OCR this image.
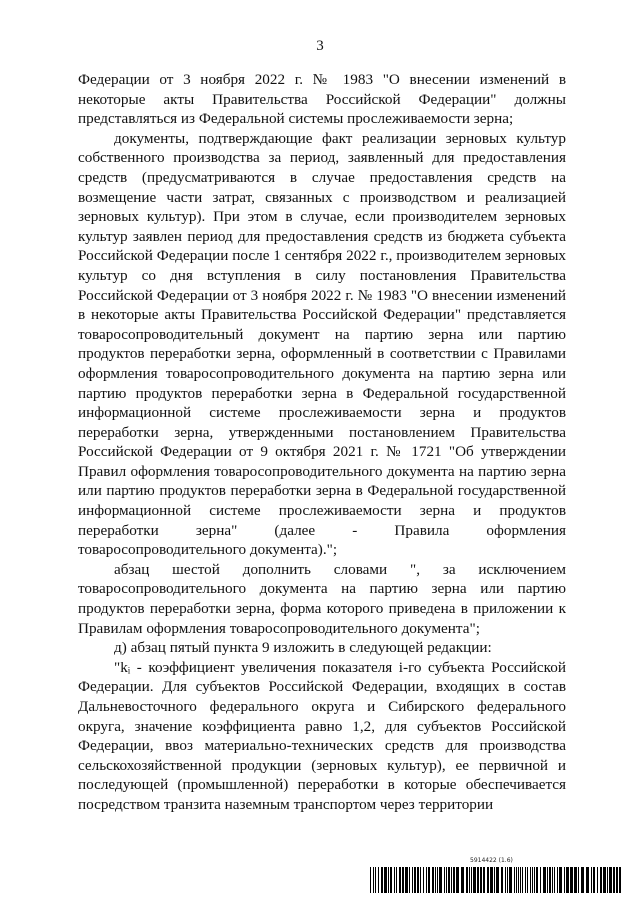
3

Федерации от 3 ноября 2022 г. № 1983 "О внесении изменений в некоторые акты Правительства Российской Федерации" должны представляться из Федеральной системы прослеживаемости зерна;

документы, подтверждающие факт реализации зерновых культур собственного производства за период, заявленный для предоставления средств (предусматриваются в случае предоставления средств на возмещение части затрат, связанных с производством и реализацией зерновых культур). При этом в случае, если производителем зерновых культур заявлен период для предоставления средств из бюджета субъекта Российской Федерации после 1 сентября 2022 г., производителем зерновых культур со дня вступления в силу постановления Правительства Российской Федерации от 3 ноября 2022 г. № 1983 "О внесении изменений в некоторые акты Правительства Российской Федерации" представляется товаросопроводительный документ на партию зерна или партию продуктов переработки зерна, оформленный в соответствии с Правилами оформления товаросопроводительного документа на партию зерна или партию продуктов переработки зерна в Федеральной государственной информационной системе прослеживаемости зерна и продуктов переработки зерна, утвержденными постановлением Правительства Российской Федерации от 9 октября 2021 г. № 1721 "Об утверждении Правил оформления товаросопроводительного документа на партию зерна или партию продуктов переработки зерна в Федеральной государственной информационной системе прослеживаемости зерна и продуктов переработки зерна" (далее - Правила оформления товаросопроводительного документа).";

абзац шестой дополнить словами ", за исключением товаросопроводительного документа на партию зерна или партию продуктов переработки зерна, форма которого приведена в приложении к Правилам оформления товаросопроводительного документа";

д) абзац пятый пункта 9 изложить в следующей редакции:

"kᵢ - коэффициент увеличения показателя i-го субъекта Российской Федерации. Для субъектов Российской Федерации, входящих в состав Дальневосточного федерального округа и Сибирского федерального округа, значение коэффициента равно 1,2, для субъектов Российской Федерации, ввоз материально-технических средств для производства сельскохозяйственной продукции (зерновых культур), ее первичной и последующей (промышленной) переработки в которые обеспечивается посредством транзита наземным транспортом через территории

5914422 (1.6)
